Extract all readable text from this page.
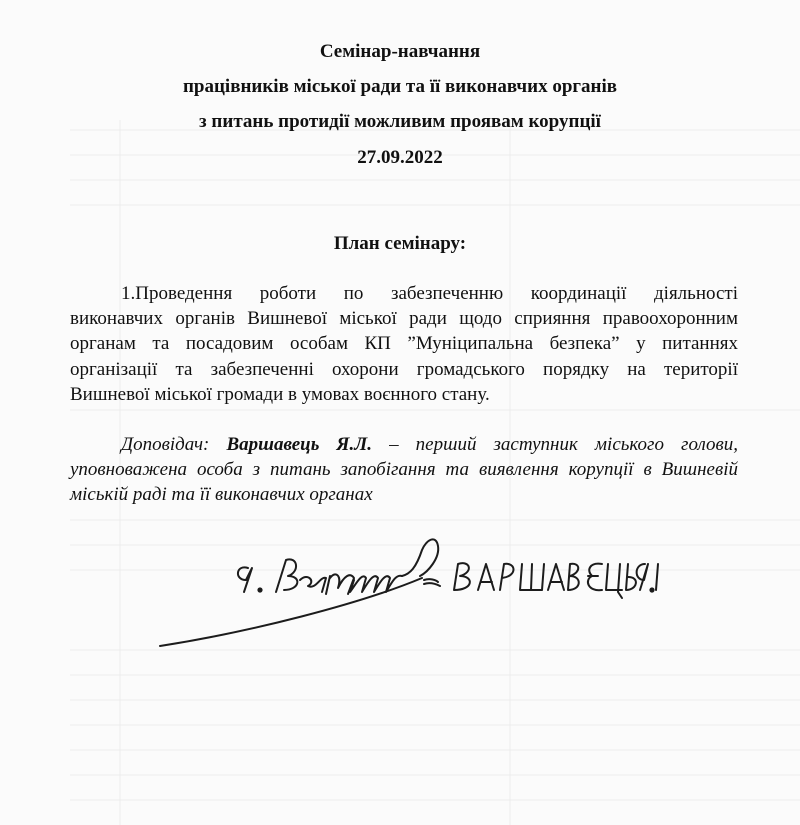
Семінар-навчання
працівників міської ради та її виконавчих органів
з питань протидії можливим проявам корупції
27.09.2022
План семінару:
1.Проведення роботи по забезпеченню координації діяльності
виконавчих органів Вишневої міської ради щодо сприяння правоохоронним
органам та посадовим особам КП ”Муніципальна безпека” у питаннях
організації та забезпеченні охорони громадського порядку на території
Вишневої міської громади в умовах воєнного стану.
Доповідач: Варшавець Я.Л. – перший заступник міського голови,
уповноважена особа з питань запобігання та виявлення корупції в Вишневій
міській раді та її виконавчих органах
